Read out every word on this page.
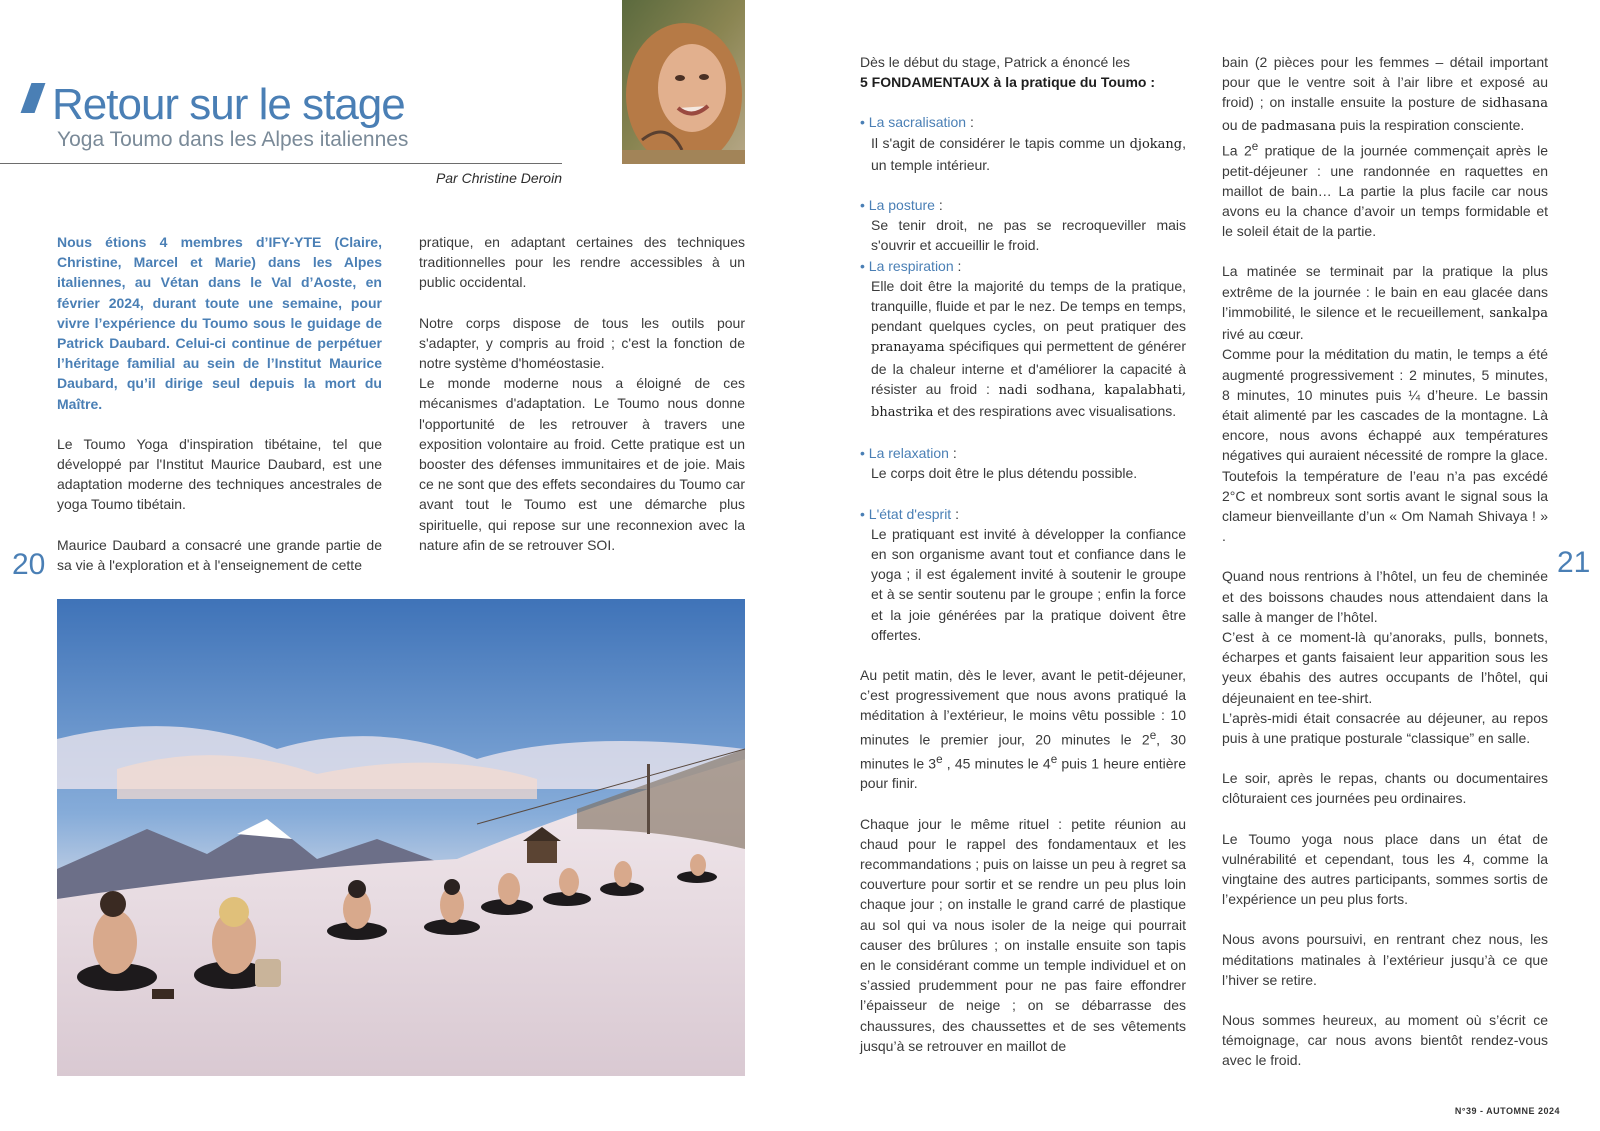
Retour sur le stage
Yoga Toumo dans les Alpes italiennes
Par Christine Deroin

Nous étions 4 membres d’IFY-YTE (Claire, Christine, Marcel et Marie) dans les Alpes italiennes, au Vétan dans le Val d’Aoste, en février 2024, durant toute une semaine, pour vivre l’expérience du Toumo sous le guidage de Patrick Daubard. Celui-ci continue de perpétuer l’héritage familial au sein de l’Institut Maurice Daubard, qu’il dirige seul depuis la mort du Maître.

Le Toumo Yoga d'inspiration tibétaine, tel que développé par l'Institut Maurice Daubard, est une adaptation moderne des techniques ancestrales de yoga Toumo tibétain.

Maurice Daubard a consacré une grande partie de sa vie à l'exploration et à l'enseignement de cette

pratique, en adaptant certaines des techniques traditionnelles pour les rendre accessibles à un public occidental.

Notre corps dispose de tous les outils pour s'adapter, y compris au froid ; c'est la fonction de notre système d'homéostasie.

Le monde moderne nous a éloigné de ces mécanismes d'adaptation. Le Toumo nous donne l'opportunité de les retrouver à travers une exposition volontaire au froid. Cette pratique est un booster des défenses immunitaires et de joie. Mais ce ne sont que des effets secondaires du Toumo car avant tout le Toumo est une démarche plus spirituelle, qui repose sur une reconnexion avec la nature afin de se retrouver SOI.

20	21

Dès le début du stage, Patrick a énoncé les

5 FONDAMENTAUX à la pratique du Toumo :

• La sacralisation :

Il s'agit de considérer le tapis comme un djokang, un temple intérieur.

• La posture :

Se tenir droit, ne pas se recroqueviller mais s'ouvrir et accueillir le froid.

• La respiration :

Elle doit être la majorité du temps de la pratique, tranquille, fluide et par le nez. De temps en temps, pendant quelques cycles, on peut pratiquer des pranayama spécifiques qui permettent de générer de la chaleur interne et d'améliorer la capacité à résister au froid : nadi sodhana, kapalabhati, bhastrika et des respirations avec visualisations.

• La relaxation :

Le corps doit être le plus détendu possible.

• L'état d'esprit :

Le pratiquant est invité à développer la confiance en son organisme avant tout et confiance dans le yoga ; il est également invité à soutenir le groupe et à se sentir soutenu par le groupe ; enfin la force et la joie générées par la pratique doivent être offertes.

Au petit matin, dès le lever, avant le petit-déjeuner, c’est progressivement que nous avons pratiqué la méditation à l’extérieur, le moins vêtu possible : 10 minutes le premier jour, 20 minutes le 2e, 30 minutes le 3e , 45 minutes le 4e puis 1 heure entière pour finir.

Chaque jour le même rituel : petite réunion au chaud pour le rappel des fondamentaux et les recommandations ; puis on laisse un peu à regret sa couverture pour sortir et se rendre un peu plus loin chaque jour ; on installe le grand carré de plastique au sol qui va nous isoler de la neige qui pourrait causer des brûlures ; on installe ensuite son tapis en le considérant comme un temple individuel et on s’assied prudemment pour ne pas faire effondrer l’épaisseur de neige ; on se débarrasse des chaussures, des chaussettes et de ses vêtements jusqu’à se retrouver en maillot de

bain (2 pièces pour les femmes – détail important pour que le ventre soit à l’air libre et exposé au froid) ; on installe ensuite la posture de sidhasana ou de padmasana puis la respiration consciente.

La 2e pratique de la journée commençait après le petit-déjeuner : une randonnée en raquettes en maillot de bain… La partie la plus facile car nous avons eu la chance d’avoir un temps formidable et le soleil était de la partie.

La matinée se terminait par la pratique la plus extrême de la journée : le bain en eau glacée dans l’immobilité, le silence et le recueillement, sankalpa rivé au cœur.

Comme pour la méditation du matin, le temps a été augmenté progressivement : 2 minutes, 5 minutes, 8 minutes, 10 minutes puis ¼ d’heure. Le bassin était alimenté par les cascades de la montagne. Là encore, nous avons échappé aux températures négatives qui auraient nécessité de rompre la glace. Toutefois la température de l’eau n’a pas excédé 2°C et nombreux sont sortis avant le signal sous la clameur bienveillante d’un « Om Namah Shivaya ! » .

Quand nous rentrions à l’hôtel, un feu de cheminée et des boissons chaudes nous attendaient dans la salle à manger de l’hôtel.

C’est à ce moment-là qu’anoraks, pulls, bonnets, écharpes et gants faisaient leur apparition sous les yeux ébahis des autres occupants de l’hôtel, qui déjeunaient en tee-shirt.

L’après-midi était consacrée au déjeuner, au repos puis à une pratique posturale “classique” en salle.

Le soir, après le repas, chants ou documentaires clôturaient ces journées peu ordinaires.

Le Toumo yoga nous place dans un état de vulnérabilité et cependant, tous les 4, comme la vingtaine des autres participants, sommes sortis de l’expérience un peu plus forts.

Nous avons poursuivi, en rentrant chez nous, les méditations matinales à l’extérieur jusqu’à ce que l’hiver se retire.

Nous sommes heureux, au moment où s’écrit ce témoignage, car nous avons bientôt rendez-vous avec le froid.

N°39 - AUTOMNE 2024
